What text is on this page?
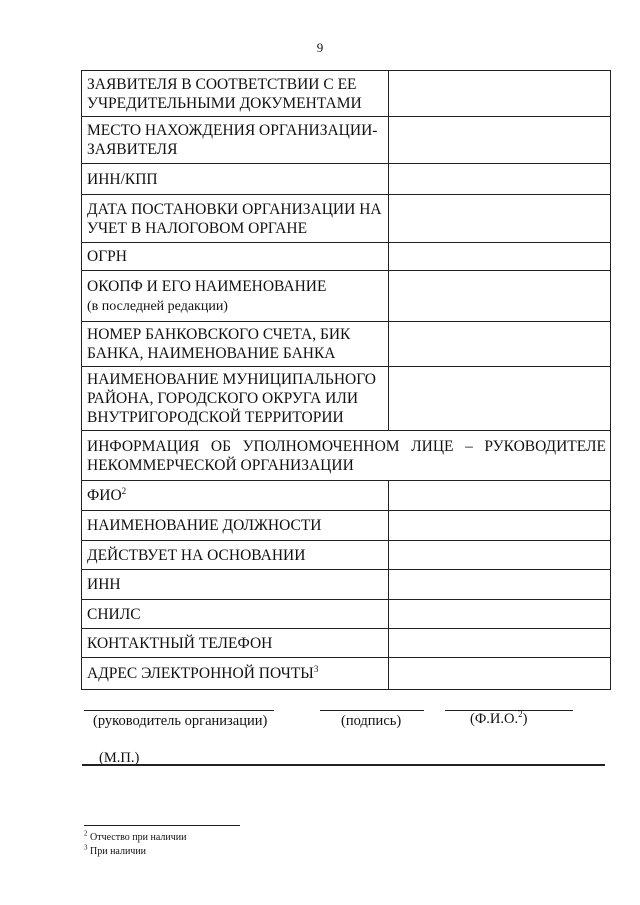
9
ЗАЯВИТЕЛЯ В СООТВЕТСТВИИ С ЕЕ УЧРЕДИТЕЛЬНЫМИ ДОКУМЕНТАМИ	
МЕСТО НАХОЖДЕНИЯ ОРГАНИЗАЦИИ-ЗАЯВИТЕЛЯ	
ИНН/КПП	
ДАТА ПОСТАНОВКИ ОРГАНИЗАЦИИ НА УЧЕТ В НАЛОГОВОМ ОРГАНЕ	
ОГРН	
ОКОПФ И ЕГО НАИМЕНОВАНИЕ
(в последней редакции)	
НОМЕР БАНКОВСКОГО СЧЕТА, БИК БАНКА, НАИМЕНОВАНИЕ БАНКА	
НАИМЕНОВАНИЕ МУНИЦИПАЛЬНОГО РАЙОНА, ГОРОДСКОГО ОКРУГА ИЛИ ВНУТРИГОРОДСКОЙ ТЕРРИТОРИИ	
ИНФОРМАЦИЯ ОБ УПОЛНОМОЧЕННОМ ЛИЦЕ – РУКОВОДИТЕЛЕ НЕКОММЕРЧЕСКОЙ ОРГАНИЗАЦИИ	
ФИО$^2$	
НАИМЕНОВАНИЕ ДОЛЖНОСТИ	
ДЕЙСТВУЕТ НА ОСНОВАНИИ	
ИНН	
СНИЛС	
КОНТАКТНЫЙ ТЕЛЕФОН	
АДРЕС ЭЛЕКТРОННОЙ ПОЧТЫ$^3$	
(руководитель организации)	(подпись)	(Ф.И.О.$^2$)
(М.П.)
$^2$ Отчество при наличии
$^3$ При наличии
